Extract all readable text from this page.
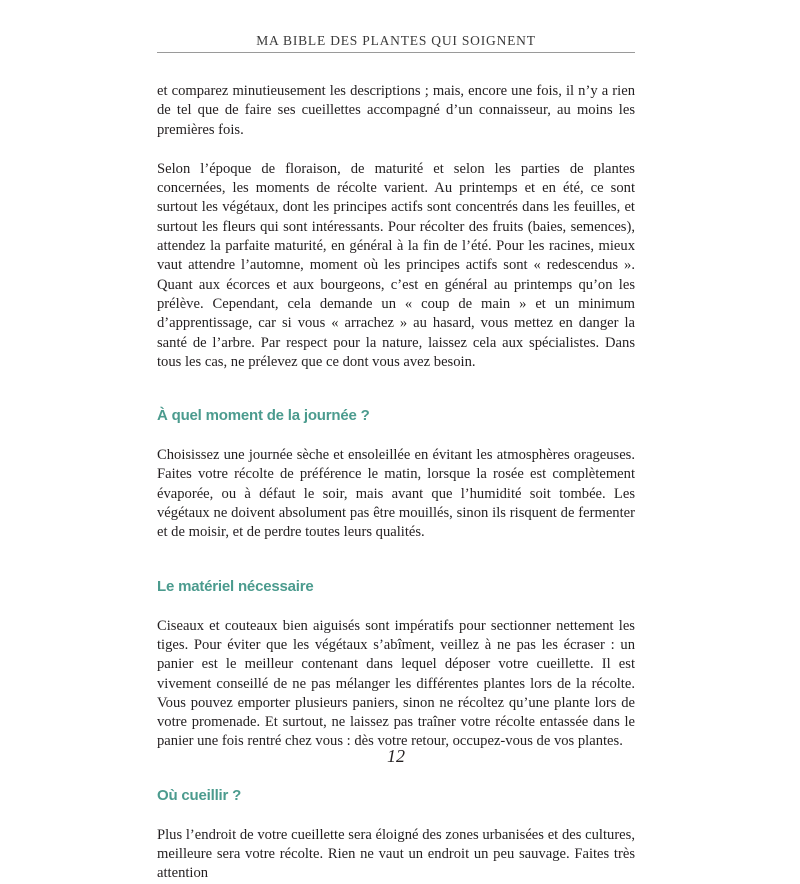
MA BIBLE DES PLANTES QUI SOIGNENT

et comparez minutieusement les descriptions ; mais, encore une fois, il n’y a rien de tel que de faire ses cueillettes accompagné d’un connaisseur, au moins les premières fois.

Selon l’époque de floraison, de maturité et selon les parties de plantes concernées, les moments de récolte varient. Au printemps et en été, ce sont surtout les végétaux, dont les principes actifs sont concentrés dans les feuilles, et surtout les fleurs qui sont intéressants. Pour récolter des fruits (baies, semences), attendez la parfaite maturité, en général à la fin de l’été. Pour les racines, mieux vaut attendre l’automne, moment où les principes actifs sont « redescendus ». Quant aux écorces et aux bourgeons, c’est en général au printemps qu’on les prélève. Cependant, cela demande un « coup de main » et un minimum d’apprentissage, car si vous « arrachez » au hasard, vous mettez en danger la santé de l’arbre. Par respect pour la nature, laissez cela aux spécialistes. Dans tous les cas, ne prélevez que ce dont vous avez besoin.

À quel moment de la journée ?

Choisissez une journée sèche et ensoleillée en évitant les atmosphères orageuses. Faites votre récolte de préférence le matin, lorsque la rosée est complètement évaporée, ou à défaut le soir, mais avant que l’humidité soit tombée. Les végétaux ne doivent absolument pas être mouillés, sinon ils risquent de fermenter et de moisir, et de perdre toutes leurs qualités.

Le matériel nécessaire

Ciseaux et couteaux bien aiguisés sont impératifs pour sectionner nettement les tiges. Pour éviter que les végétaux s’abîment, veillez à ne pas les écraser : un panier est le meilleur contenant dans lequel déposer votre cueillette. Il est vivement conseillé de ne pas mélanger les différentes plantes lors de la récolte. Vous pouvez emporter plusieurs paniers, sinon ne récoltez qu’une plante lors de votre promenade. Et surtout, ne laissez pas traîner votre récolte entassée dans le panier une fois rentré chez vous : dès votre retour, occupez-vous de vos plantes.

Où cueillir ?

Plus l’endroit de votre cueillette sera éloigné des zones urbanisées et des cultures, meilleure sera votre récolte. Rien ne vaut un endroit un peu sauvage. Faites très attention

12
